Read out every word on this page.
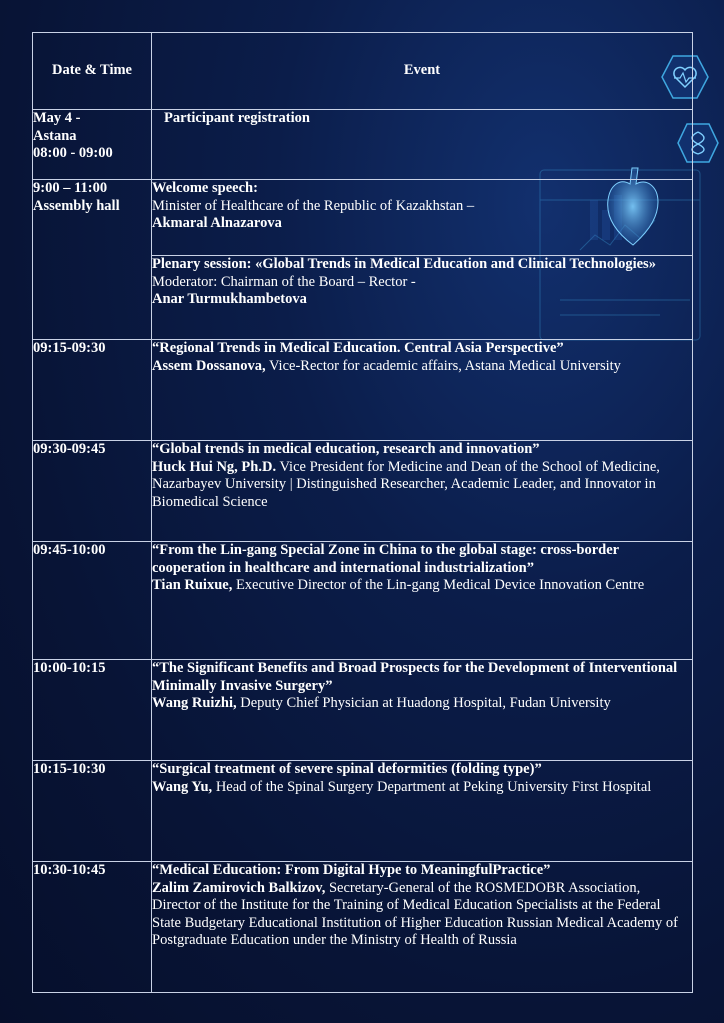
Date & Time	Event

May 4 -
Astana
08:00 - 09:00	Participant registration

9:00 – 11:00
Assembly hall	Welcome speech:
Minister of Healthcare of the Republic of Kazakhstan –
Akmaral Alnazarova

	Plenary session: «Global Trends in Medical Education and Clinical Technologies»
Moderator: Chairman of the Board – Rector -
Anar Turmukhambetova

09:15-09:30	“Regional Trends in Medical Education. Central Asia Perspective”
Assem Dossanova, Vice-Rector for academic affairs, Astana Medical University
09:30-09:45	“Global trends in medical education, research and innovation”
Huck Hui Ng, Ph.D. Vice President for Medicine and Dean of the School of Medicine, Nazarbayev University | Distinguished Researcher, Academic Leader, and Innovator in Biomedical Science
09:45-10:00	“From the Lin-gang Special Zone in China to the global stage: cross-border cooperation in healthcare and international industrialization”
Tian Ruixue, Executive Director of the Lin-gang Medical Device Innovation Centre
10:00-10:15	“The Significant Benefits and Broad Prospects for the Development of Interventional Minimally Invasive Surgery”
Wang Ruizhi, Deputy Chief Physician at Huadong Hospital, Fudan University
10:15-10:30	“Surgical treatment of severe spinal deformities (folding type)”
Wang Yu, Head of the Spinal Surgery Department at Peking University First Hospital
10:30-10:45	“Medical Education: From Digital Hype to MeaningfulPractice”
Zalim Zamirovich Balkizov, Secretary-General of the ROSMEDOBR Association, Director of the Institute for the Training of Medical Education Specialists at the Federal State Budgetary Educational Institution of Higher Education Russian Medical Academy of Postgraduate Education under the Ministry of Health of Russia
